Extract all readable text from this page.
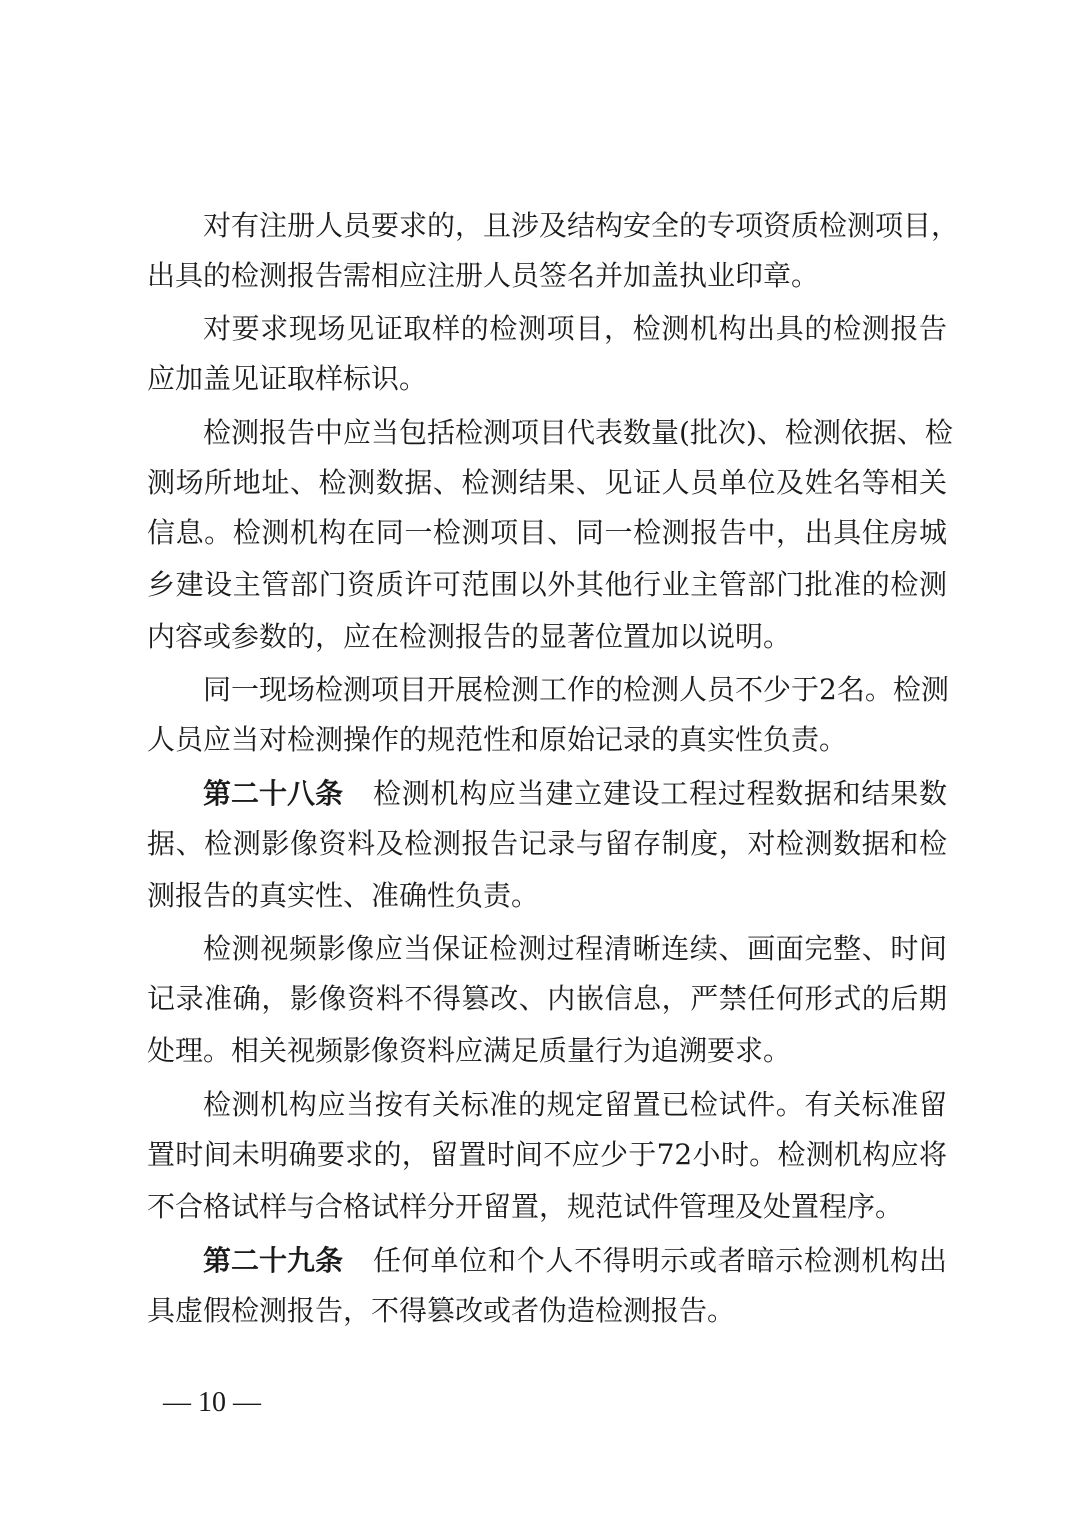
对有注册人员要求的，且涉及结构安全的专项资质检测项目，
出具的检测报告需相应注册人员签名并加盖执业印章。
对要求现场见证取样的检测项目，检测机构出具的检测报告
应加盖见证取样标识。
检测报告中应当包括检测项目代表数量(批次)、检测依据、检
测场所地址、检测数据、检测结果、见证人员单位及姓名等相关
信息。检测机构在同一检测项目、同一检测报告中，出具住房城
乡建设主管部门资质许可范围以外其他行业主管部门批准的检测
内容或参数的，应在检测报告的显著位置加以说明。
同一现场检测项目开展检测工作的检测人员不少于2名。检测
人员应当对检测操作的规范性和原始记录的真实性负责。
第二十八条 检测机构应当建立建设工程过程数据和结果数
据、检测影像资料及检测报告记录与留存制度，对检测数据和检
测报告的真实性、准确性负责。
检测视频影像应当保证检测过程清晰连续、画面完整、时间
记录准确，影像资料不得篡改、内嵌信息，严禁任何形式的后期
处理。相关视频影像资料应满足质量行为追溯要求。
检测机构应当按有关标准的规定留置已检试件。有关标准留
置时间未明确要求的，留置时间不应少于72小时。检测机构应将
不合格试样与合格试样分开留置，规范试件管理及处置程序。
第二十九条 任何单位和个人不得明示或者暗示检测机构出
具虚假检测报告，不得篡改或者伪造检测报告。
— 10 —
